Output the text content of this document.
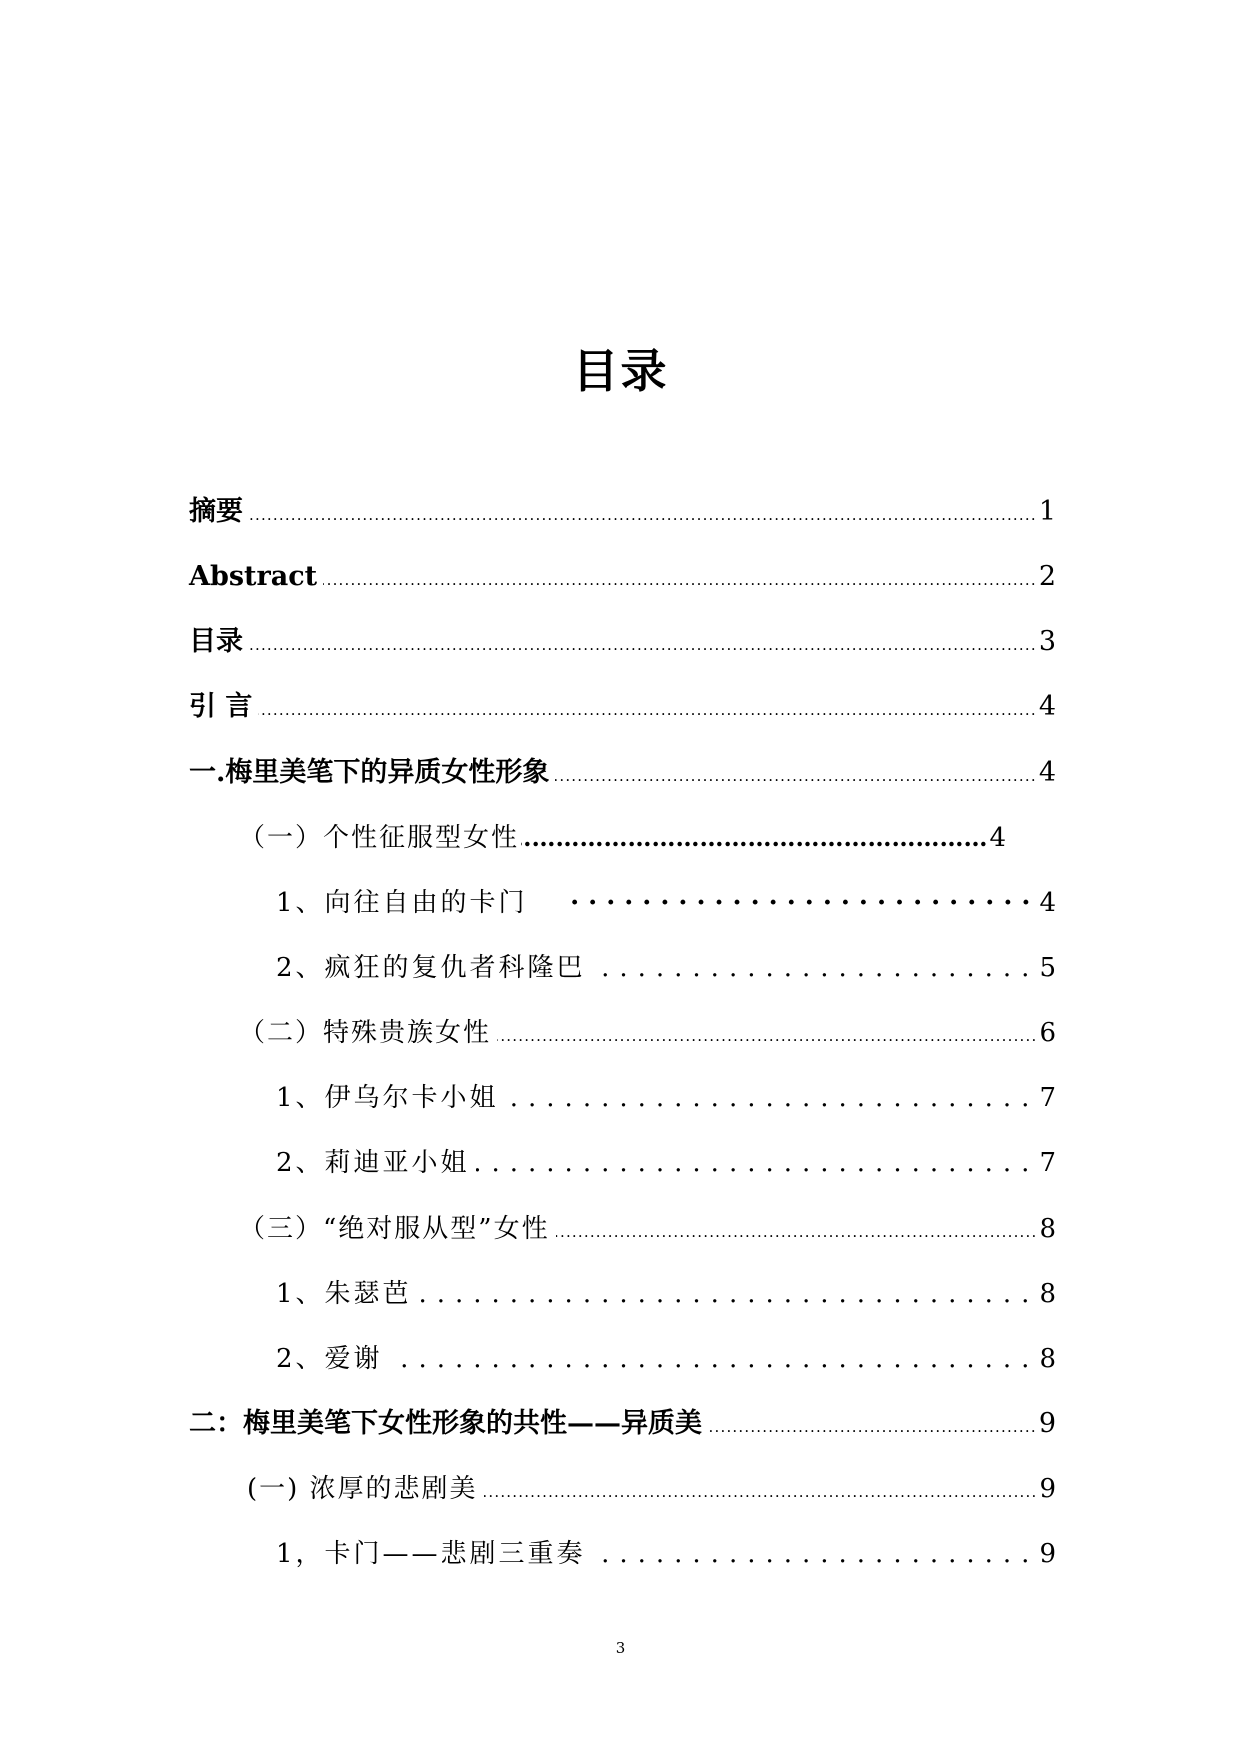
目录
摘要 .....	1
Abstract .....	2
目录 .....	3
引 言 .....	4
一.梅里美笔下的异质女性形象 .....	4
（一）个性征服型女性 ……………………………………………………………………………………	4
1、向往自由的卡门 ·····	4
2、疯狂的复仇者科隆巴 .....	5
（二）特殊贵族女性 .....	6
1、伊乌尔卡小姐 .....	7
2、莉迪亚小姐 .....	7
（三）“绝对服从型”女性 .....	8
1、朱瑟芭 .....	8
2、爱谢 .....	8
二：梅里美笔下女性形象的共性——异质美 .....	9
(一) 浓厚的悲剧美 .....	9
1，卡门——悲剧三重奏 .....	9
3
